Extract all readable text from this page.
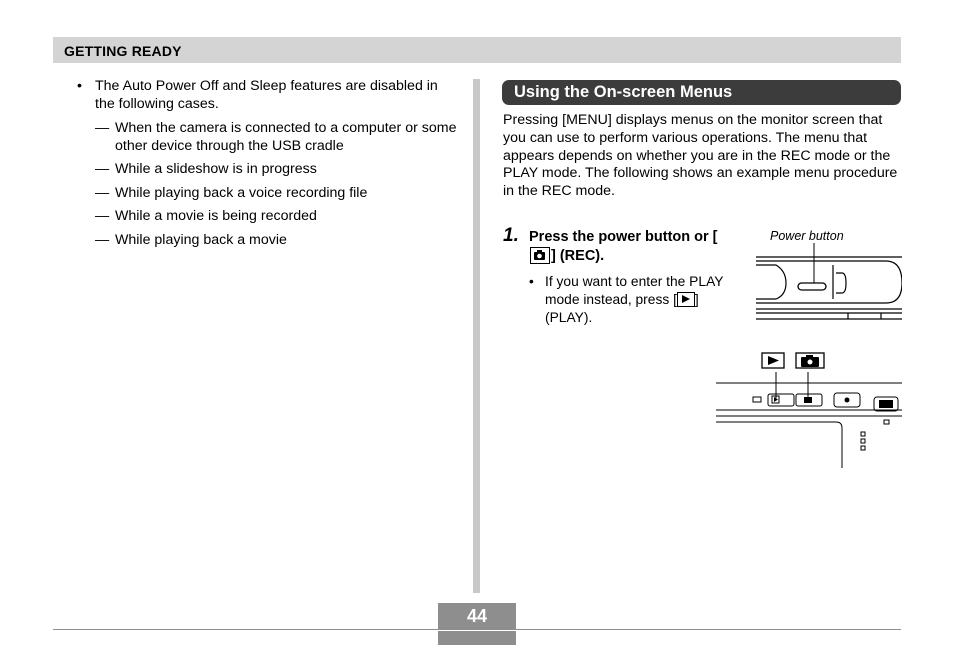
GETTING READY
• The Auto Power Off and Sleep features are disabled in the following cases.
— When the camera is connected to a computer or some other device through the USB cradle
— While a slideshow is in progress
— While playing back a voice recording file
— While a movie is being recorded
— While playing back a movie
Using the On-screen Menus
Pressing [MENU] displays menus on the monitor screen that you can use to perform various operations. The menu that appears depends on whether you are in the REC mode or the PLAY mode. The following shows an example menu procedure in the REC mode.
1. Press the power button or [
] (REC).
• If you want to enter the PLAY mode instead, press [ ] (PLAY).
Power button
44
